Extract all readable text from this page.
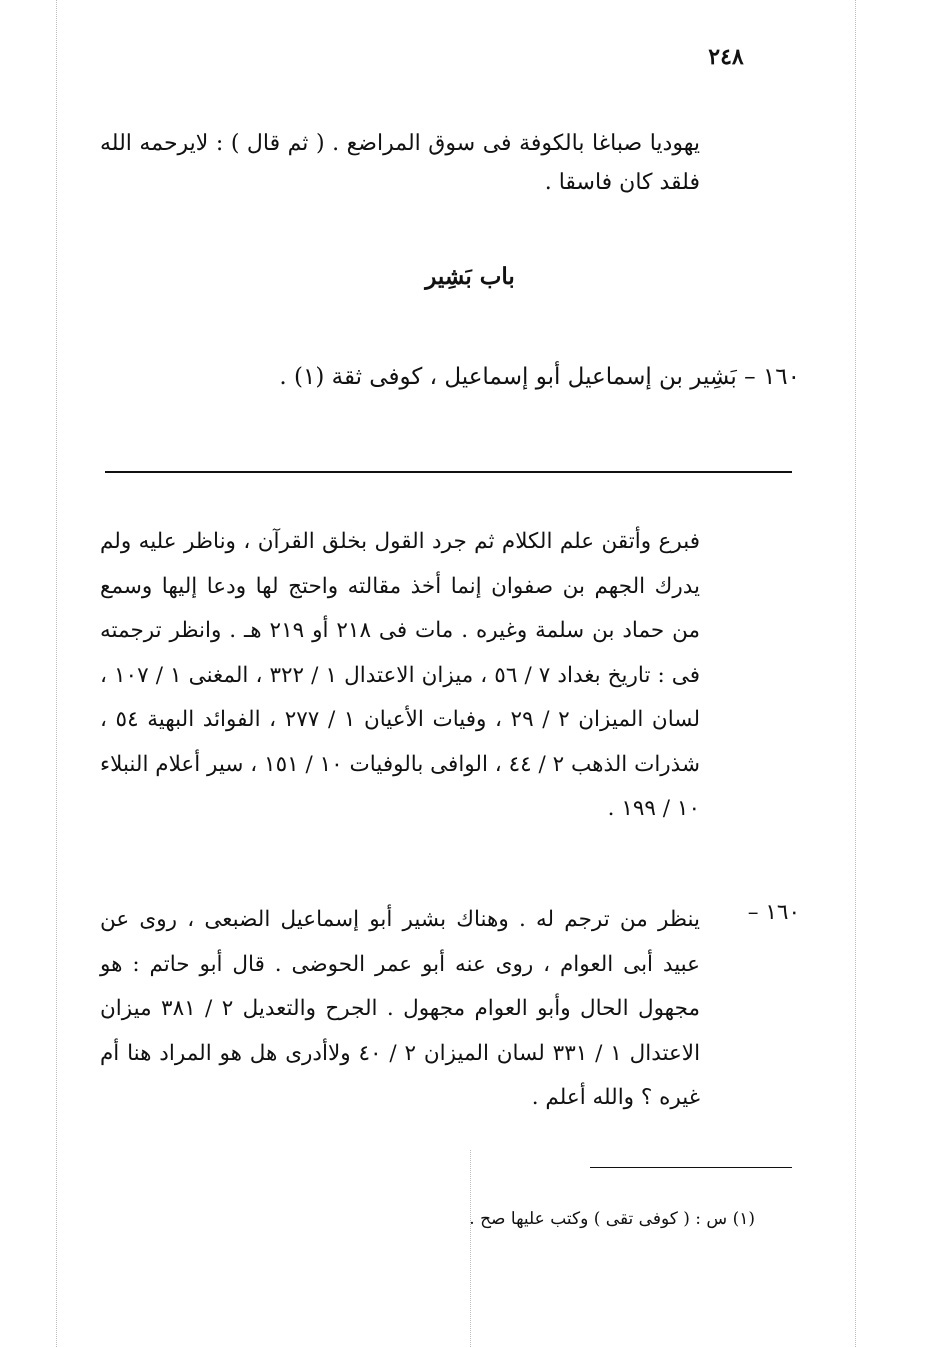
٢٤٨
يهوديا صباغا بالكوفة فى سوق المراضع . ( ثم قال ) : لايرحمه الله فلقد كان فاسقا .
باب بَشِير
١٦٠ – بَشِير بن إسماعيل أبو إسماعيل ، كوفى ثقة (١) .
فبرع وأتقن علم الكلام ثم جرد القول بخلق القرآن ، وناظر عليه ولم يدرك الجهم بن صفوان إنما أخذ مقالته واحتج لها ودعا إليها وسمع من حماد بن سلمة وغيره . مات فى ٢١٨ أو ٢١٩ هـ . وانظر ترجمته فى : تاريخ بغداد ٧ / ٥٦ ، ميزان الاعتدال ١ / ٣٢٢ ، المغنى ١ / ١٠٧ ، لسان الميزان ٢ / ٢٩ ، وفيات الأعيان ١ / ٢٧٧ ، الفوائد البهية ٥٤ ، شذرات الذهب ٢ / ٤٤ ، الوافى بالوفيات ١٠ / ١٥١ ، سير أعلام النبلاء ١٠ / ١٩٩ .
١٦٠ –
ينظر من ترجم له . وهناك بشير أبو إسماعيل الضبعى ، روى عن عبيد أبى العوام ، روى عنه أبو عمر الحوضى . قال أبو حاتم : هو مجهول الحال وأبو العوام مجهول . الجرح والتعديل ٢ / ٣٨١ ميزان الاعتدال ١ / ٣٣١ لسان الميزان ٢ / ٤٠ ولاأدرى هل هو المراد هنا أم غيره ؟ والله أعلم .
(١) س : ( كوفى تقى ) وكتب عليها صح .
